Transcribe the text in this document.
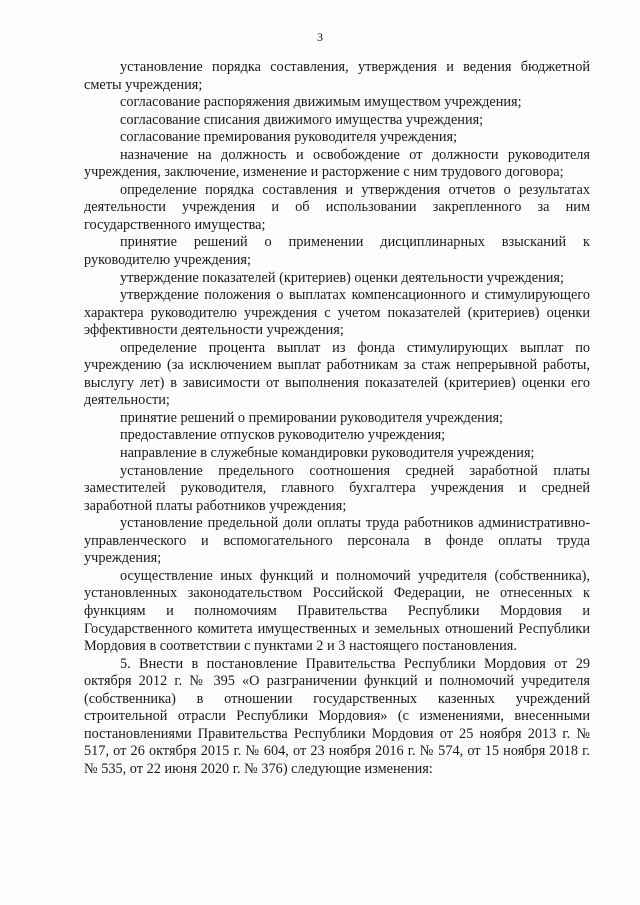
3

установление порядка составления, утверждения и ведения бюджетной сметы учреждения;

согласование распоряжения движимым имуществом учреждения;

согласование списания движимого имущества учреждения;

согласование премирования руководителя учреждения;

назначение на должность и освобождение от должности руководителя учреждения, заключение, изменение и расторжение с ним трудового договора;

определение порядка составления и утверждения отчетов о результатах деятельности учреждения и об использовании закрепленного за ним государственного имущества;

принятие решений о применении дисциплинарных взысканий к руководителю учреждения;

утверждение показателей (критериев) оценки деятельности учреждения;

утверждение положения о выплатах компенсационного и стимулирующего характера руководителю учреждения с учетом показателей (критериев) оценки эффективности деятельности учреждения;

определение процента выплат из фонда стимулирующих выплат по учреждению (за исключением выплат работникам за стаж непрерывной работы, выслугу лет) в зависимости от выполнения показателей (критериев) оценки его деятельности;

принятие решений о премировании руководителя учреждения;

предоставление отпусков руководителю учреждения;

направление в служебные командировки руководителя учреждения;

установление предельного соотношения средней заработной платы заместителей руководителя, главного бухгалтера учреждения и средней заработной платы работников учреждения;

установление предельной доли оплаты труда работников административно-управленческого и вспомогательного персонала в фонде оплаты труда учреждения;

осуществление иных функций и полномочий учредителя (собственника), установленных законодательством Российской Федерации, не отнесенных к функциям и полномочиям Правительства Республики Мордовия и Государственного комитета имущественных и земельных отношений Республики Мордовия в соответствии с пунктами 2 и 3 настоящего постановления.

5. Внести в постановление Правительства Республики Мордовия от 29 октября 2012 г. № 395 «О разграничении функций и полномочий учредителя (собственника) в отношении государственных казенных учреждений строительной отрасли Республики Мордовия» (с изменениями, внесенными постановлениями Правительства Республики Мордовия от 25 ноября 2013 г. № 517, от 26 октября 2015 г. № 604, от 23 ноября 2016 г. № 574, от 15 ноября 2018 г. № 535, от 22 июня 2020 г. № 376) следующие изменения:
